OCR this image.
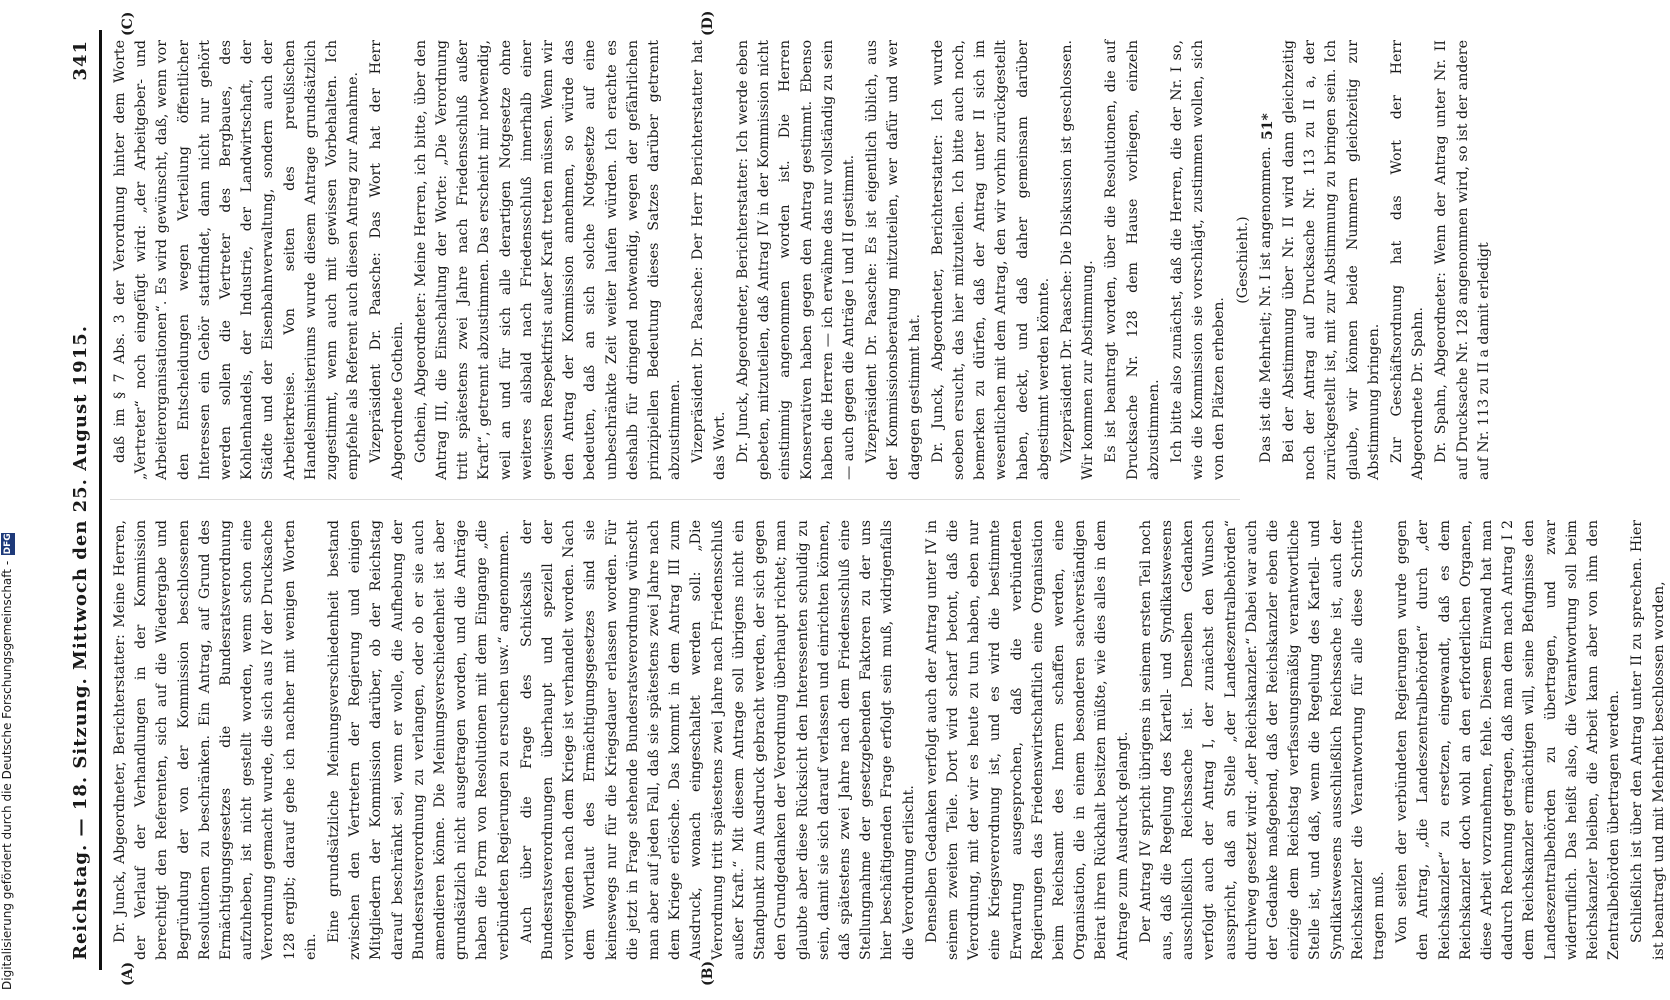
Reichstag. — 18. Sitzung. Mittwoch den 25. August 1915.
341

Dr. Junck, Abgeordneter, Berichterstatter: Meine Herren, der Verlauf der Verhandlungen in der Kommission berechtigt den Referenten, sich auf die Wiedergabe und Begründung der von der Kommission beschlossenen Resolutionen zu beschränken. Ein Antrag, auf Grund des Ermächtigungsgesetzes die Bundesratsverordnung aufzuheben, ist nicht gestellt worden, wenn schon eine Verordnung gemacht wurde, die sich aus IV der Drucksache 128 ergibt; darauf gehe ich nachher mit wenigen Worten ein.

Eine grundsätzliche Meinungsverschiedenheit bestand zwischen den Vertretern der Regierung und einigen Mitgliedern der Kommission darüber, ob der Reichstag darauf beschränkt sei, wenn er wolle, die Aufhebung der Bundesratsverordnung zu verlangen, oder ob er sie auch amendieren könne. Die Meinungsverschiedenheit ist aber grundsätzlich nicht ausgetragen worden, und die Anträge haben die Form von Resolutionen mit dem Eingange „die verbündeten Regierungen zu ersuchen usw.“ angenommen. Auch über die Frage des Schicksals der Bundesratsverordnungen überhaupt und speziell der vorliegenden nach dem Kriege ist verhandelt worden. Nach dem Wortlaut des Ermächtigungsgesetzes sind sie keineswegs nur für die Kriegsdauer erlassen worden. Für die jetzt in Frage stehende Bundesratsverordnung wünscht man aber auf jeden Fall, daß sie spätestens zwei Jahre nach dem Kriege erlösche. Das kommt in dem Antrag III zum Ausdruck, wonach eingeschaltet werden soll: „Die Verordnung tritt spätestens zwei Jahre nach Friedensschluß außer Kraft.“ Mit diesem Antrage soll übrigens nicht ein Standpunkt zum Ausdruck gebracht werden, der sich gegen den Grundgedanken der Verordnung überhaupt richtet; man glaubte aber diese Rücksicht den Interessenten schuldig zu sein, damit sie sich darauf verlassen und einrichten können, daß spätestens zwei Jahre nach dem Friedensschluß eine Stellungnahme der gesetzgebenden Faktoren zu der uns hier beschäftigenden Frage erfolgt sein muß, widrigenfalls die Verordnung erlischt. Denselben Gedanken verfolgt auch der Antrag unter IV in seinem zweiten Teile. Dort wird scharf betont, daß die Verordnung, mit der wir es heute zu tun haben, eben nur eine Kriegsverordnung ist, und es wird die bestimmte Erwartung ausgesprochen, daß die verbündeten Regierungen das Friedenswirtschaftlich eine Organisation beim Reichsamt des Innern schaffen werden, eine Organisation, die in einem besonderen sachverständigen Beirat ihren Rückhalt besitzen müßte, wie dies alles in dem Antrage zum Ausdruck gelangt. Der Antrag IV spricht übrigens in seinem ersten Teil noch aus, daß die Regelung des Kartell- und Syndikatswesens ausschließlich Reichssache ist. Denselben Gedanken verfolgt auch der Antrag I, der zunächst den Wunsch ausspricht, daß an Stelle „der Landeszentralbehörden“ durchweg gesetzt wird: „der Reichskanzler.“ Dabei war auch der Gedanke maßgebend, daß der Reichskanzler eben die einzige dem Reichstag verfassungsmäßig verantwortliche Stelle ist, und daß, wenn die Regelung des Kartell- und Syndikatswesens ausschließlich Reichssache ist, auch der Reichskanzler die Verantwortung für alle diese Schritte tragen muß. Von seiten der verbündeten Regierungen wurde gegen den Antrag, „die Landeszentralbehörden“ durch „der Reichskanzler“ zu ersetzen, eingewandt, daß es dem Reichskanzler doch wohl an den erforderlichen Organen, diese Arbeit vorzunehmen, fehle. Diesem Einwand hat man dadurch Rechnung getragen, daß man dem nach Antrag I 2 dem Reichskanzler ermächtigen will, seine Befugnisse den Landeszentralbehörden zu übertragen, und zwar widerruflich. Das heißt also, die Verantwortung soll beim Reichskanzler bleiben, die Arbeit kann aber von ihm den Zentralbehörden übertragen werden. Schließlich ist über den Antrag unter II zu sprechen. Hier ist beantragt und mit Mehrheit beschlossen worden,

daß im § 7 Abs. 3 der Verordnung hinter dem Worte „Vertreter“ noch eingefügt wird: „der Arbeitgeber- und Arbeiterorganisationen“. Es wird gewünscht, daß, wenn vor den Entscheidungen wegen Verteilung öffentlicher Interessen ein Gehör stattfindet, dann nicht nur gehört werden sollen die Vertreter des Bergbaues, des Kohlenhandels, der Industrie, der Landwirtschaft, der Städte und der Eisenbahnverwaltung, sondern auch der Arbeiterkreise. Von seiten des preußischen Handelsministeriums wurde diesem Antrage grundsätzlich zugestimmt, wenn auch mit gewissen Vorbehalten. Ich empfehle als Referent auch diesen Antrag zur Annahme. Vizepräsident Dr. Paasche: Das Wort hat der Herr Abgeordnete Gothein. Gothein, Abgeordneter: Meine Herren, ich bitte, über den Antrag III, die Einschaltung der Worte: „Die Verordnung tritt spätestens zwei Jahre nach Friedensschluß außer Kraft“, getrennt abzustimmen. Das erscheint mir notwendig, weil an und für sich alle derartigen Notgesetze ohne weiteres alsbald nach Friedensschluß innerhalb einer gewissen Respektfrist außer Kraft treten müssen. Wenn wir den Antrag der Kommission annehmen, so würde das bedeuten, daß an sich solche Notgesetze auf eine unbeschränkte Zeit weiter laufen würden. Ich erachte es deshalb für dringend notwendig, wegen der gefährlichen prinzipiellen Bedeutung dieses Satzes darüber getrennt abzustimmen. Vizepräsident Dr. Paasche: Der Herr Berichterstatter hat das Wort. Dr. Junck, Abgeordneter, Berichterstatter: Ich werde eben gebeten, mitzuteilen, daß Antrag IV in der Kommission nicht einstimmig angenommen worden ist. Die Herren Konservativen haben gegen den Antrag gestimmt. Ebenso haben die Herren — ich erwähne das nur vollständig zu sein — auch gegen die Anträge I und II gestimmt. Vizepräsident Dr. Paasche: Es ist eigentlich üblich, aus der Kommissionsberatung mitzuteilen, wer dafür und wer dagegen gestimmt hat. Dr. Junck, Abgeordneter, Berichterstatter: Ich wurde soeben ersucht, das hier mitzuteilen. Ich bitte auch noch, bemerken zu dürfen, daß der Antrag unter II sich im wesentlichen mit dem Antrag, den wir vorhin zurückgestellt haben, deckt, und daß daher gemeinsam darüber abgestimmt werden könnte. Vizepräsident Dr. Paasche: Die Diskussion ist geschlossen. Wir kommen zur Abstimmung. Es ist beantragt worden, über die Resolutionen, die auf Drucksache Nr. 128 dem Hause vorliegen, einzeln abzustimmen. Ich bitte also zunächst, daß die Herren, die der Nr. I so, wie die Kommission sie vorschlägt, zustimmen wollen, sich von den Plätzen erheben.

(Geschieht.) Das ist die Mehrheit; Nr. I ist angenommen. Bei der Abstimmung über Nr. II wird dann gleichzeitig noch der Antrag auf Drucksache Nr. 113 zu II a, der zurückgestellt ist, mit zur Abstimmung zu bringen sein. Ich glaube, wir können beide Nummern gleichzeitig zur Abstimmung bringen. Zur Geschäftsordnung hat das Wort der Herr Abgeordnete Dr. Spahn. Dr. Spahn, Abgeordneter: Wenn der Antrag unter Nr. II auf Drucksache Nr. 128 angenommen wird, so ist der andere auf Nr. 113 zu II a damit erledigt

(A)	(B)
(C)	(D)
51*
Digitalisierung gefördert durch die Deutsche Forschungsgemeinschaft -DFG
